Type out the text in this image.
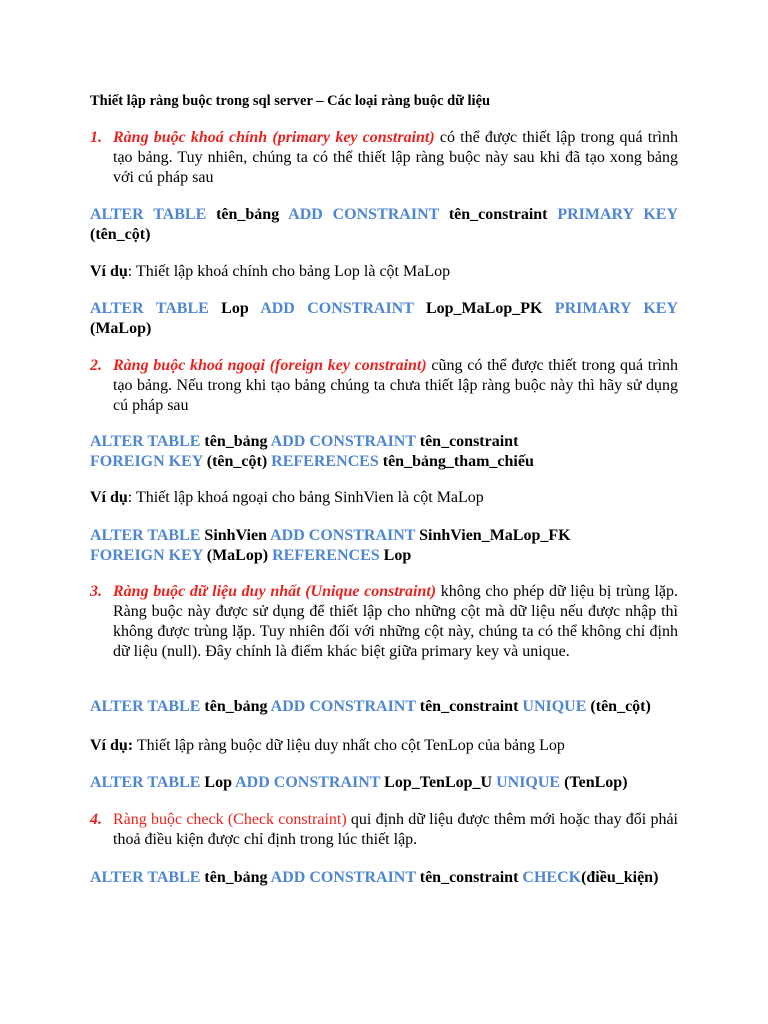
Thiết lập ràng buộc trong sql server – Các loại ràng buộc dữ liệu
1. Ràng buộc khoá chính (primary key constraint) có thể được thiết lập trong quá trình tạo bảng. Tuy nhiên, chúng ta có thể thiết lập ràng buộc này sau khi đã tạo xong bảng với cú pháp sau
ALTER TABLE tên_bảng ADD CONSTRAINT tên_constraint PRIMARY KEY
(tên_cột)
Ví dụ: Thiết lập khoá chính cho bảng Lop là cột MaLop
ALTER TABLE Lop ADD CONSTRAINT Lop_MaLop_PK PRIMARY KEY
(MaLop)
2. Ràng buộc khoá ngoại (foreign key constraint) cũng có thể được thiết trong quá trình tạo bảng. Nếu trong khi tạo bảng chúng ta chưa thiết lập ràng buộc này thì hãy sử dụng cú pháp sau
ALTER TABLE tên_bảng ADD CONSTRAINT tên_constraint
FOREIGN KEY (tên_cột) REFERENCES tên_bảng_tham_chiếu
Ví dụ: Thiết lập khoá ngoại cho bảng SinhVien là cột MaLop
ALTER TABLE SinhVien ADD CONSTRAINT SinhVien_MaLop_FK
FOREIGN KEY (MaLop) REFERENCES Lop
3. Ràng buộc dữ liệu duy nhất (Unique constraint) không cho phép dữ liệu bị trùng lặp. Ràng buộc này được sử dụng để thiết lập cho những cột mà dữ liệu nếu được nhập thì không được trùng lặp. Tuy nhiên đối với những cột này, chúng ta có thể không chỉ định dữ liệu (null). Đây chính là điểm khác biệt giữa primary key và unique.
ALTER TABLE tên_bảng ADD CONSTRAINT tên_constraint UNIQUE (tên_cột)
Ví dụ: Thiết lập ràng buộc dữ liệu duy nhất cho cột TenLop của bảng Lop
ALTER TABLE Lop ADD CONSTRAINT Lop_TenLop_U UNIQUE (TenLop)
4. Ràng buộc check (Check constraint) qui định dữ liệu được thêm mới hoặc thay đổi phải thoả điều kiện được chỉ định trong lúc thiết lập.
ALTER TABLE tên_bảng ADD CONSTRAINT tên_constraint CHECK(điều_kiện)
